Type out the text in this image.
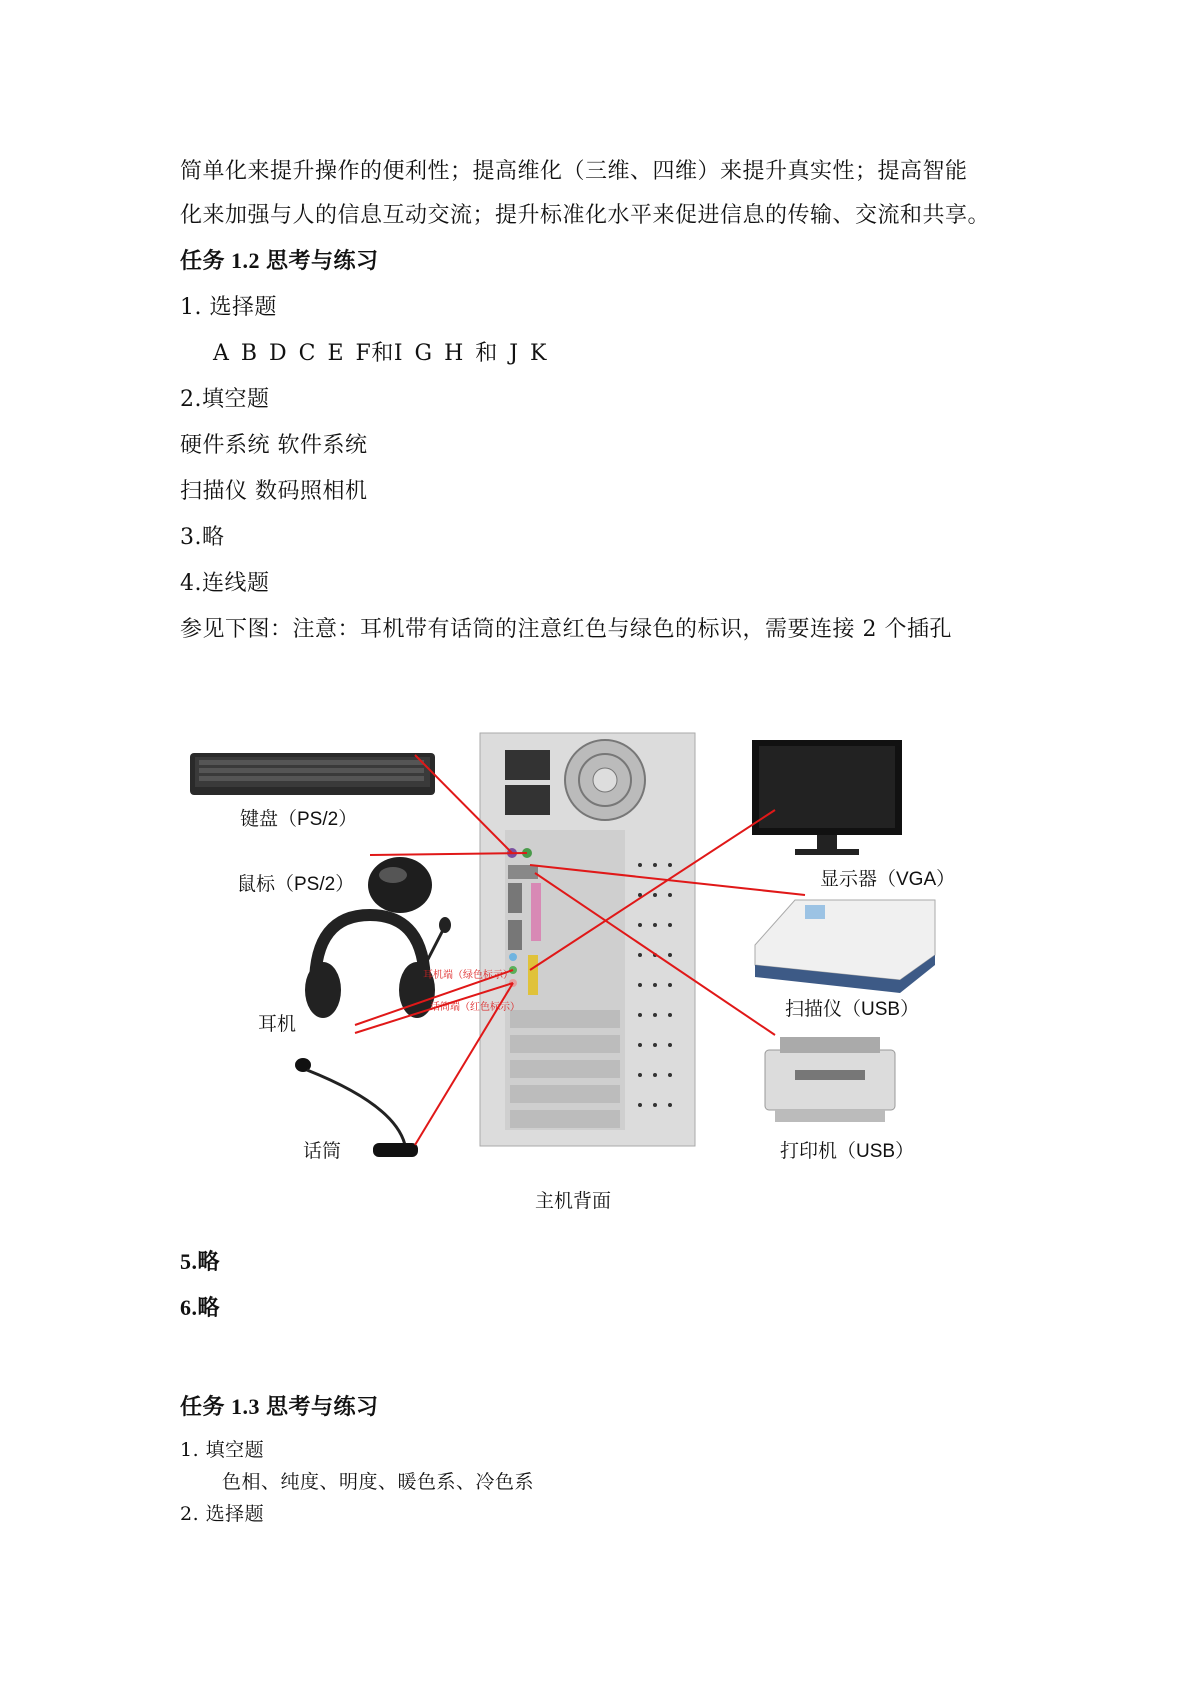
简单化来提升操作的便利性；提高维化（三维、四维）来提升真实性；提高智能
化来加强与人的信息互动交流；提升标准化水平来促进信息的传输、交流和共享。
任务 1.2 思考与练习
1. 选择题
A B D C E F和I G H 和 J K
2.填空题
硬件系统 软件系统
扫描仪 数码照相机
3.略
4.连线题
参见下图：注意：耳机带有话筒的注意红色与绿色的标识，需要连接 2 个插孔
键盘（PS/2）
鼠标（PS/2）
耳机
话筒
耳机端（绿色标示）
话筒端（红色标示）
主机背面
显示器（VGA）
扫描仪（USB）
打印机（USB）
5.略
6.略
任务 1.3 思考与练习
1. 填空题
色相、纯度、明度、暖色系、冷色系
2. 选择题
